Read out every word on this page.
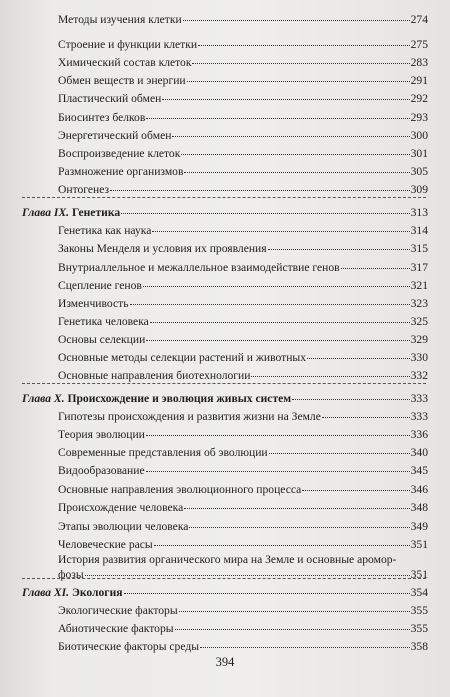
Методы изучения клетки	274
Строение и функции клетки	275
Химический состав клеток	283
Обмен веществ и энергии	291
Пластический обмен	292
Биосинтез белков	293
Энергетический обмен	300
Воспроизведение клеток	301
Размножение организмов	305
Онтогенез	309
Глава IX. Генетика	313
Генетика как наука	314
Законы Менделя и условия их проявления	315
Внутриаллельное и межаллельное взаимодействие генов	317
Сцепление генов	321
Изменчивость	323
Генетика человека	325
Основы селекции	329
Основные методы селекции растений и животных	330
Основные направления биотехнологии	332
Глава X. Происхождение и эволюция живых систем	333
Гипотезы происхождения и развития жизни на Земле	333
Теория эволюции	336
Современные представления об эволюции	340
Видообразование	345
Основные направления эволюционного процесса	346
Происхождение человека	348
Этапы эволюции человека	349
Человеческие расы	351
История развития органического мира на Земле и основные аромор-
фозы	351
Глава XI. Экология	354
Экологические факторы	355
Абиотические факторы	355
Биотические факторы среды	358
394
